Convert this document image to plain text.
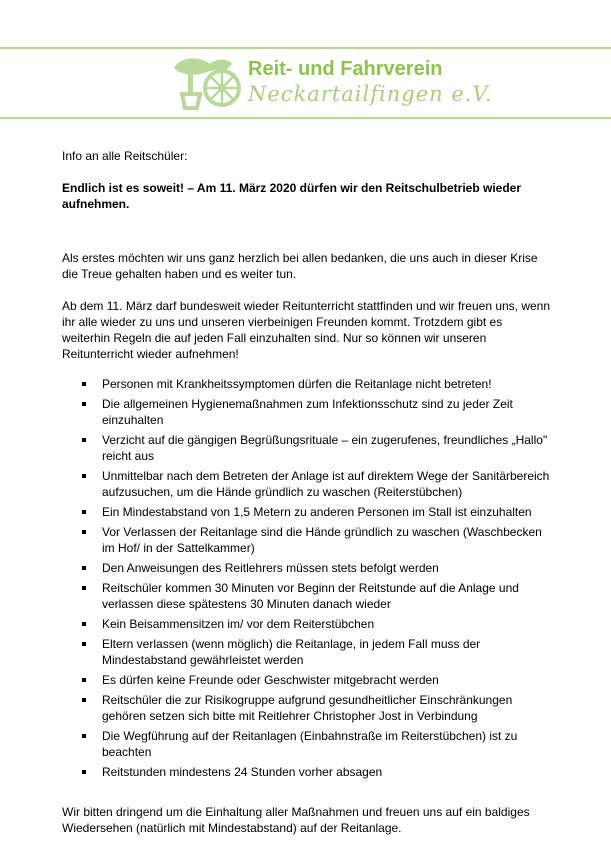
Reit- und Fahrverein
Neckartailfingen e.V.

Info an alle Reitschüler:

Endlich ist es soweit! – Am 11. März 2020 dürfen wir den Reitschulbetrieb wieder aufnehmen.

Als erstes möchten wir uns ganz herzlich bei allen bedanken, die uns auch in dieser Krise die Treue gehalten haben und es weiter tun.

Ab dem 11. März darf bundesweit wieder Reitunterricht stattfinden und wir freuen uns, wenn ihr alle wieder zu uns und unseren vierbeinigen Freunden kommt. Trotzdem gibt es weiterhin Regeln die auf jeden Fall einzuhalten sind. Nur so können wir unseren Reitunterricht wieder aufnehmen!

Personen mit Krankheitssymptomen dürfen die Reitanlage nicht betreten!
Die allgemeinen Hygienemaßnahmen zum Infektionsschutz sind zu jeder Zeit einzuhalten
Verzicht auf die gängigen Begrüßungsrituale – ein zugerufenes, freundliches „Hallo" reicht aus
Unmittelbar nach dem Betreten der Anlage ist auf direktem Wege der Sanitärbereich aufzusuchen, um die Hände gründlich zu waschen (Reiterstübchen)
Ein Mindestabstand von 1,5 Metern zu anderen Personen im Stall ist einzuhalten
Vor Verlassen der Reitanlage sind die Hände gründlich zu waschen (Waschbecken im Hof/ in der Sattelkammer)
Den Anweisungen des Reitlehrers müssen stets befolgt werden
Reitschüler kommen 30 Minuten vor Beginn der Reitstunde auf die Anlage und verlassen diese spätestens 30 Minuten danach wieder
Kein Beisammensitzen im/ vor dem Reiterstübchen
Eltern verlassen (wenn möglich) die Reitanlage, in jedem Fall muss der Mindestabstand gewährleistet werden
Es dürfen keine Freunde oder Geschwister mitgebracht werden
Reitschüler die zur Risikogruppe aufgrund gesundheitlicher Einschränkungen gehören setzen sich bitte mit Reitlehrer Christopher Jost in Verbindung
Die Wegführung auf der Reitanlagen (Einbahnstraße im Reiterstübchen) ist zu beachten
Reitstunden mindestens 24 Stunden vorher absagen

Wir bitten dringend um die Einhaltung aller Maßnahmen und freuen uns auf ein baldiges Wiedersehen (natürlich mit Mindestabstand) auf der Reitanlage.
